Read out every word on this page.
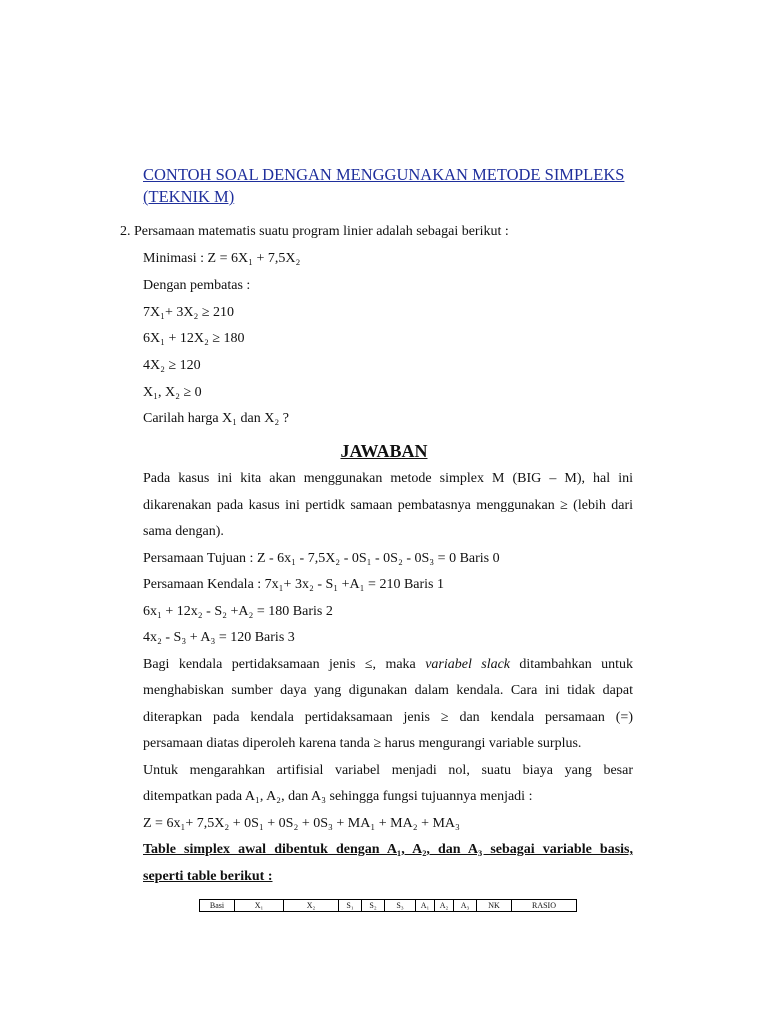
CONTOH SOAL DENGAN MENGGUNAKAN METODE SIMPLEKS
(TEKNIK M)
2. Persamaan matematis suatu program linier adalah sebagai berikut :
Minimasi : Z = 6X₁ + 7,5X₂
Dengan pembatas :
7X₁+ 3X₂ ≥ 210
6X₁ + 12X₂ ≥ 180
4X₂ ≥ 120
X₁, X₂ ≥ 0
Carilah harga X₁ dan X₂ ?
JAWABAN
Pada kasus ini kita akan menggunakan metode simplex M (BIG – M), hal ini
dikarenakan pada kasus ini pertidk samaan pembatasnya menggunakan ≥ (lebih dari
sama dengan).
Persamaan Tujuan : Z - 6x₁ - 7,5X₂ - 0S₁ - 0S₂ - 0S₃ = 0 Baris 0
Persamaan Kendala : 7x₁+ 3x₂ - S₁ +A₁ = 210 Baris 1
6x₁ + 12x₂ - S₂ +A₂ = 180 Baris 2
4x₂ - S₃ + A₃ = 120 Baris 3
Bagi kendala pertidaksamaan jenis ≤, maka variabel slack ditambahkan untuk
menghabiskan sumber daya yang digunakan dalam kendala. Cara ini tidak dapat
diterapkan pada kendala pertidaksamaan jenis ≥ dan kendala persamaan (=)
persamaan diatas diperoleh karena tanda ≥ harus mengurangi variable surplus.
Untuk mengarahkan artifisial variabel menjadi nol, suatu biaya yang besar
ditempatkan pada A₁, A₂, dan A₃ sehingga fungsi tujuannya menjadi :
Z = 6x₁+ 7,5X₂ + 0S₁ + 0S₂ + 0S₃ + MA₁ + MA₂ + MA₃
Table simplex awal dibentuk dengan A₁, A₂, dan A₃ sebagai variable basis,
seperti table berikut :
Basi	X₁	X₂	S₁	S₂	S₃	A₁	A₂	A₃	NK	RASIO
